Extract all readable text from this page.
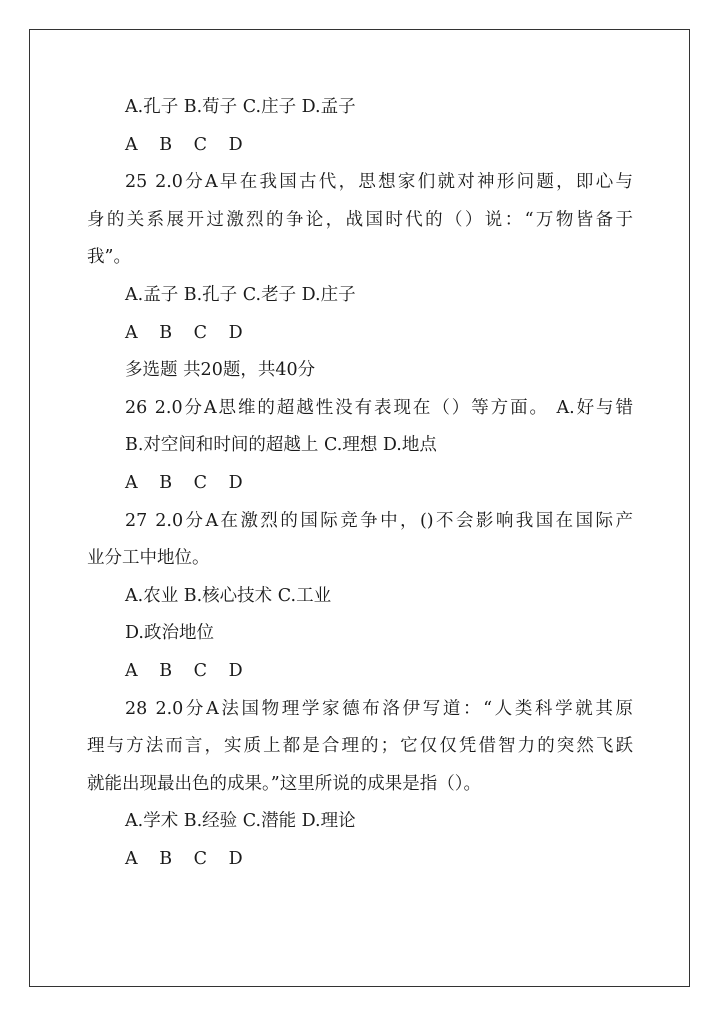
A.孔子 B.荀子 C.庄子 D.孟子
A B C D
25 2.0分A早在我国古代，思想家们就对神形问题，即心与
身的关系展开过激烈的争论，战国时代的（）说：“万物皆备于
我”。
A.孟子 B.孔子 C.老子 D.庄子
A B C D
多选题 共20题，共40分
26 2.0分A思维的超越性没有表现在（）等方面。 A.好与错
B.对空间和时间的超越上 C.理想 D.地点
A B C D
27 2.0分A在激烈的国际竞争中，()不会影响我国在国际产
业分工中地位。
A.农业 B.核心技术 C.工业
D.政治地位
A B C D
28 2.0分A法国物理学家德布洛伊写道：“人类科学就其原
理与方法而言，实质上都是合理的；它仅仅凭借智力的突然飞跃
就能出现最出色的成果。”这里所说的成果是指（）。
A.学术 B.经验 C.潜能 D.理论
A B C D
